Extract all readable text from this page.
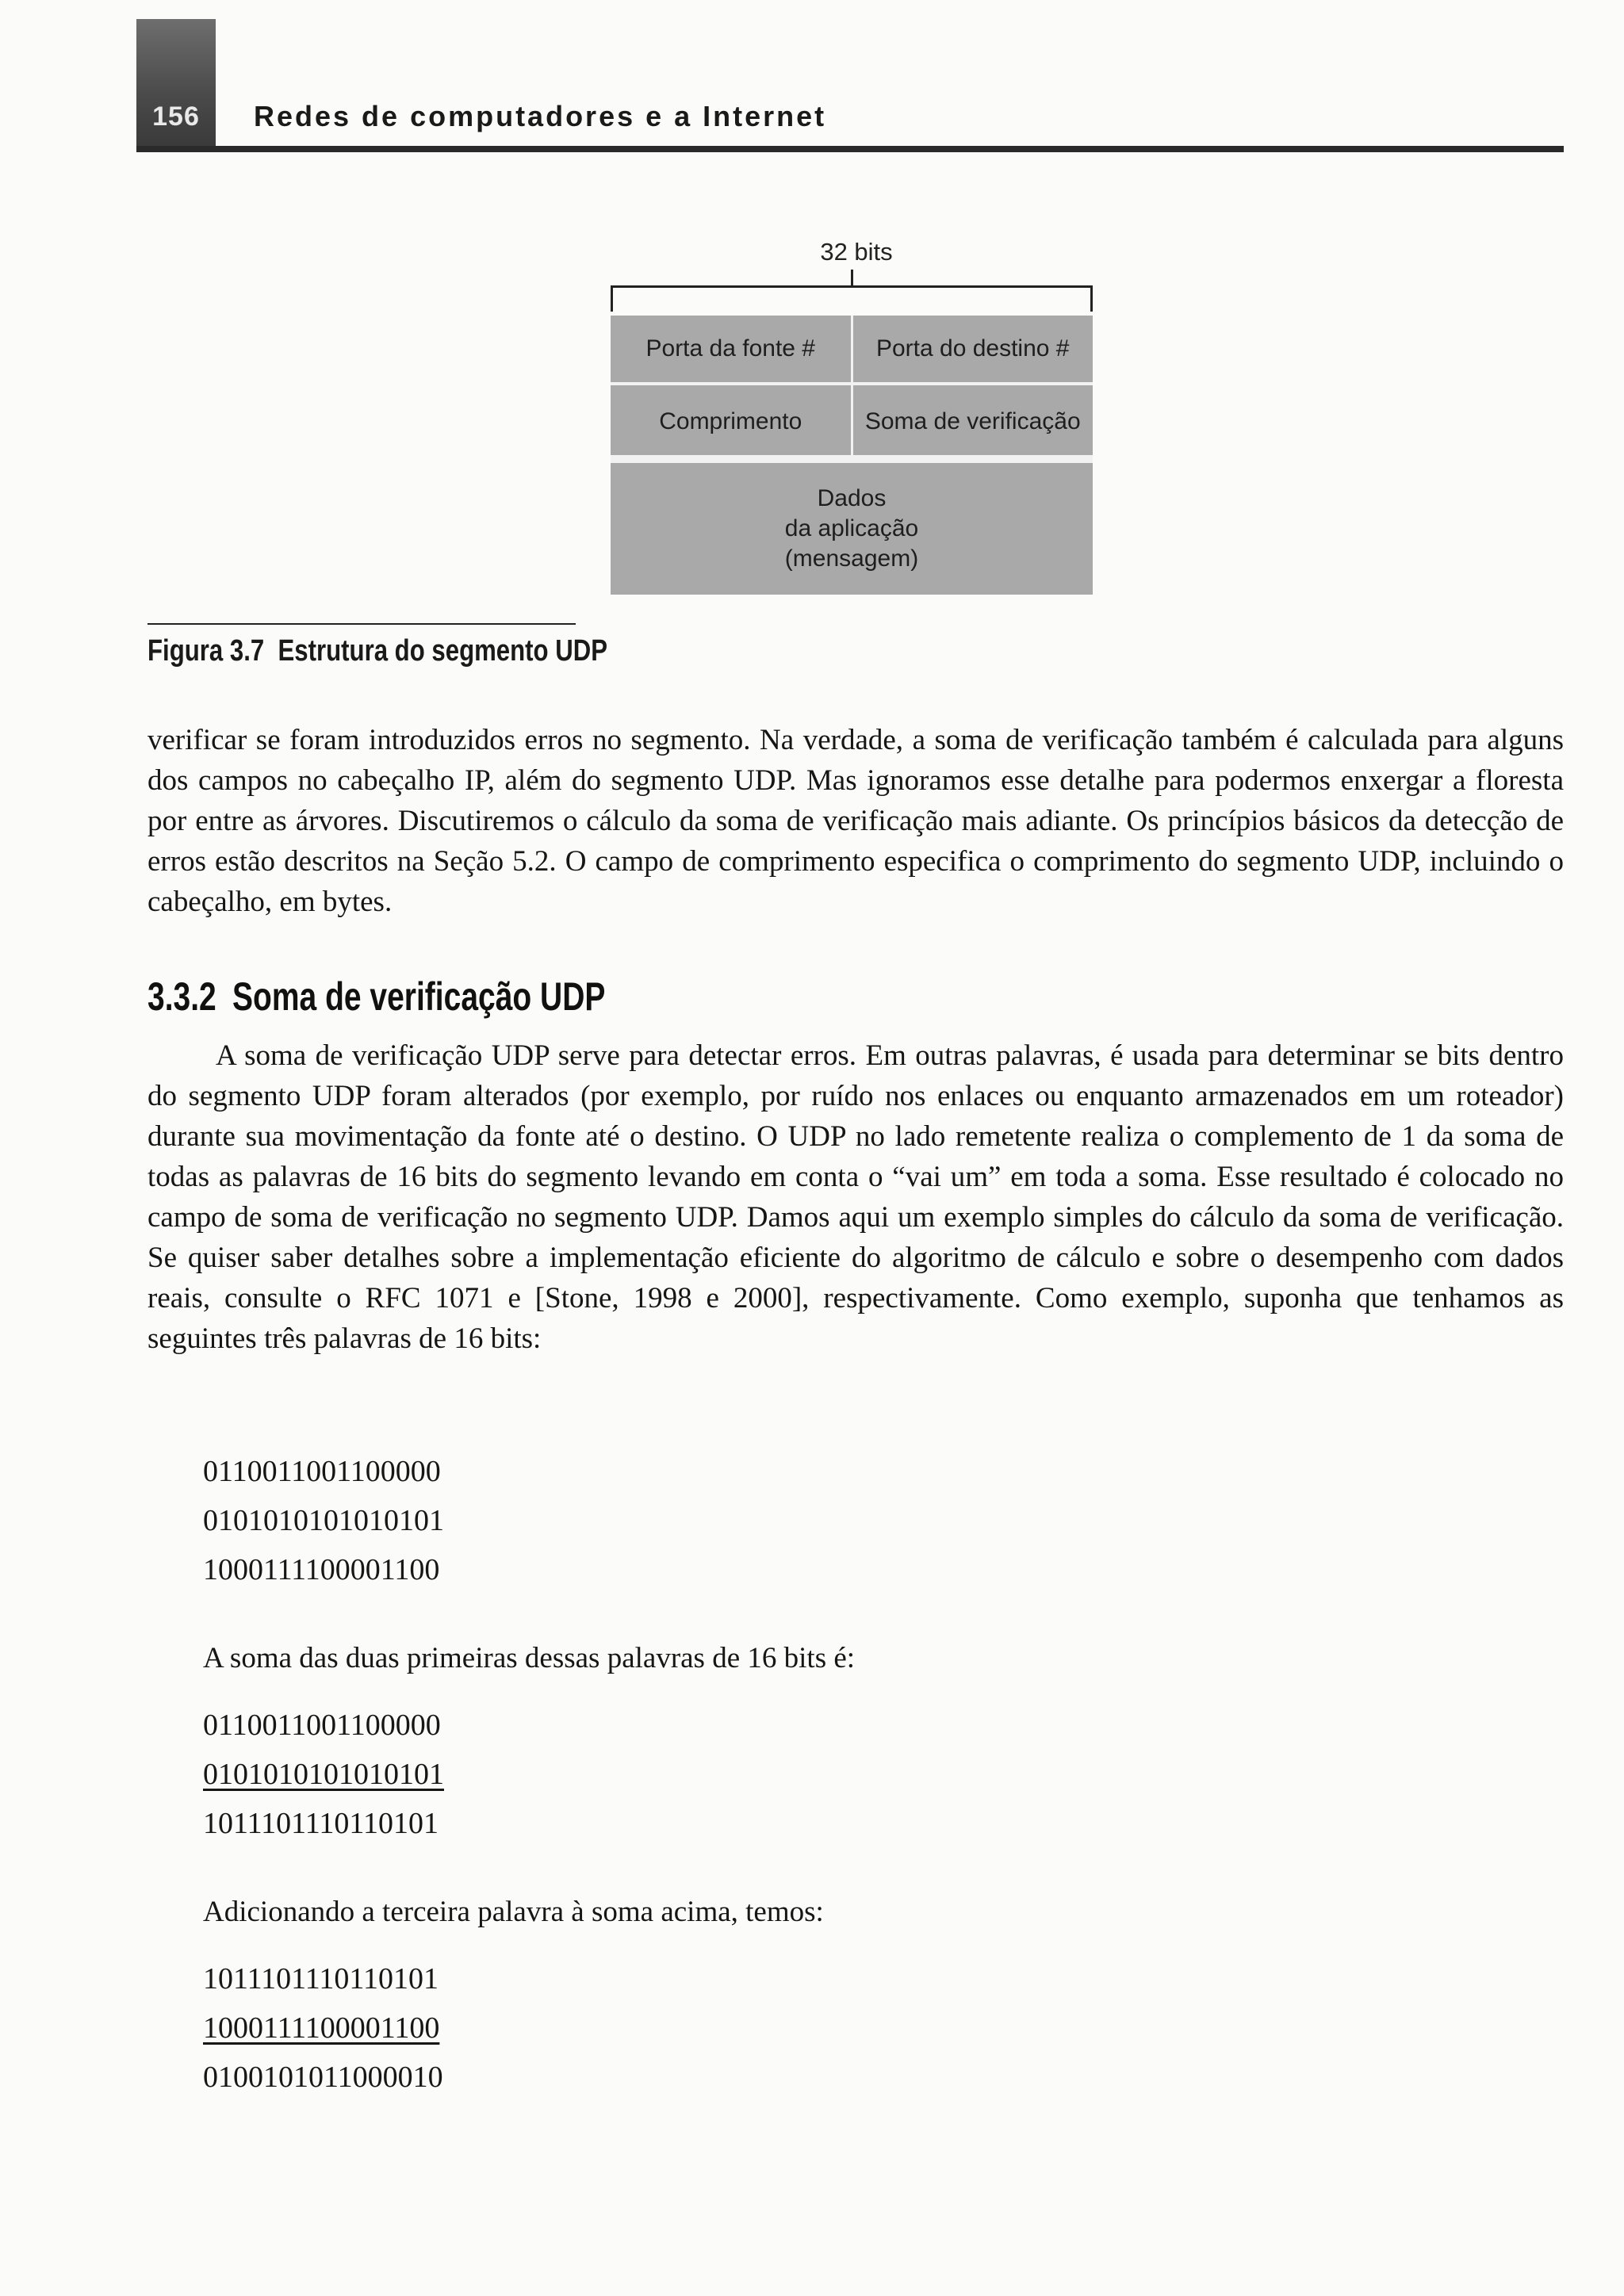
156	Redes de computadores e a Internet
32 bits
Porta da fonte #	Porta do destino #
Comprimento	Soma de verificação
Dados
da aplicação
(mensagem)
Figura 3.7 Estrutura do segmento UDP
verificar se foram introduzidos erros no segmento. Na verdade, a soma de verificação também é calculada para alguns dos campos no cabeçalho IP, além do segmento UDP. Mas ignoramos esse detalhe para podermos enxergar a floresta por entre as árvores. Discutiremos o cálculo da soma de verificação mais adiante. Os princípios básicos da detecção de erros estão descritos na Seção 5.2. O campo de comprimento especifica o comprimento do segmento UDP, incluindo o cabeçalho, em bytes.
3.3.2 Soma de verificação UDP
A soma de verificação UDP serve para detectar erros. Em outras palavras, é usada para determinar se bits dentro do segmento UDP foram alterados (por exemplo, por ruído nos enlaces ou enquanto armazenados em um roteador) durante sua movimentação da fonte até o destino. O UDP no lado remetente realiza o complemento de 1 da soma de todas as palavras de 16 bits do segmento levando em conta o “vai um” em toda a soma. Esse resultado é colocado no campo de soma de verificação no segmento UDP. Damos aqui um exemplo simples do cálculo da soma de verificação. Se quiser saber detalhes sobre a implementação eficiente do algoritmo de cálculo e sobre o desempenho com dados reais, consulte o RFC 1071 e [Stone, 1998 e 2000], respectivamente. Como exemplo, suponha que tenhamos as seguintes três palavras de 16 bits:
0110011001100000
0101010101010101
1000111100001100
A soma das duas primeiras dessas palavras de 16 bits é:
0110011001100000
0101010101010101
1011101110110101
Adicionando a terceira palavra à soma acima, temos:
1011101110110101
1000111100001100
0100101011000010
